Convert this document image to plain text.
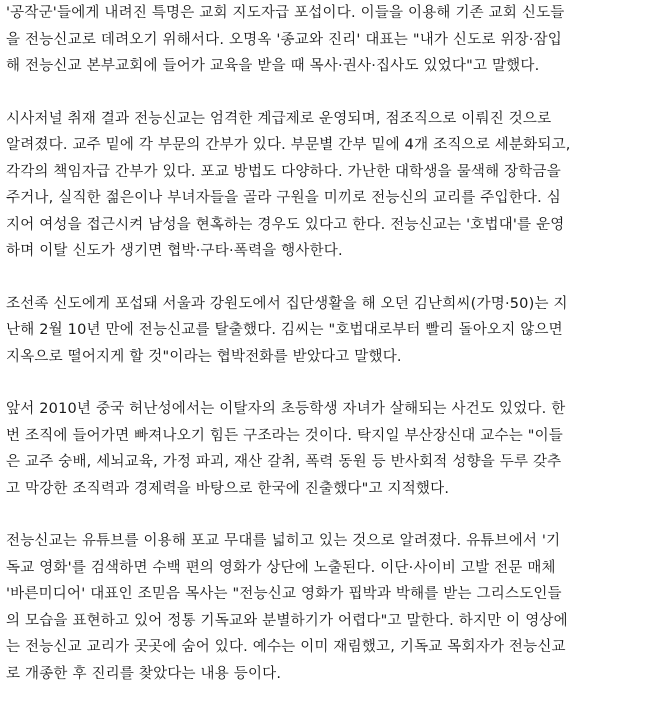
'공작군'들에게 내려진 특명은 교회 지도자급 포섭이다. 이들을 이용해 기존 교회 신도들
을 전능신교로 데려오기 위해서다. 오명옥 '종교와 진리' 대표는 "내가 신도로 위장·잠입
해 전능신교 본부교회에 들어가 교육을 받을 때 목사·권사·집사도 있었다"고 말했다.

시사저널 취재 결과 전능신교는 엄격한 계급제로 운영되며, 점조직으로 이뤄진 것으로
알려졌다. 교주 밑에 각 부문의 간부가 있다. 부문별 간부 밑에 4개 조직으로 세분화되고,
각각의 책임자급 간부가 있다. 포교 방법도 다양하다. 가난한 대학생을 물색해 장학금을
주거나, 실직한 젊은이나 부녀자들을 골라 구원을 미끼로 전능신의 교리를 주입한다. 심
지어 여성을 접근시켜 남성을 현혹하는 경우도 있다고 한다. 전능신교는 '호법대'를 운영
하며 이탈 신도가 생기면 협박·구타·폭력을 행사한다.

조선족 신도에게 포섭돼 서울과 강원도에서 집단생활을 해 오던 김난희씨(가명·50)는 지
난해 2월 10년 만에 전능신교를 탈출했다. 김씨는 "호법대로부터 빨리 돌아오지 않으면
지옥으로 떨어지게 할 것"이라는 협박전화를 받았다고 말했다.

앞서 2010년 중국 허난성에서는 이탈자의 초등학생 자녀가 살해되는 사건도 있었다. 한
번 조직에 들어가면 빠져나오기 힘든 구조라는 것이다. 탁지일 부산장신대 교수는 "이들
은 교주 숭배, 세뇌교육, 가정 파괴, 재산 갈취, 폭력 동원 등 반사회적 성향을 두루 갖추
고 막강한 조직력과 경제력을 바탕으로 한국에 진출했다"고 지적했다.

전능신교는 유튜브를 이용해 포교 무대를 넓히고 있는 것으로 알려졌다. 유튜브에서 '기
독교 영화'를 검색하면 수백 편의 영화가 상단에 노출된다. 이단·사이비 고발 전문 매체
'바른미디어' 대표인 조믿음 목사는 "전능신교 영화가 핍박과 박해를 받는 그리스도인들
의 모습을 표현하고 있어 정통 기독교와 분별하기가 어렵다"고 말한다. 하지만 이 영상에
는 전능신교 교리가 곳곳에 숨어 있다. 예수는 이미 재림했고, 기독교 목회자가 전능신교
로 개종한 후 진리를 찾았다는 내용 등이다.
